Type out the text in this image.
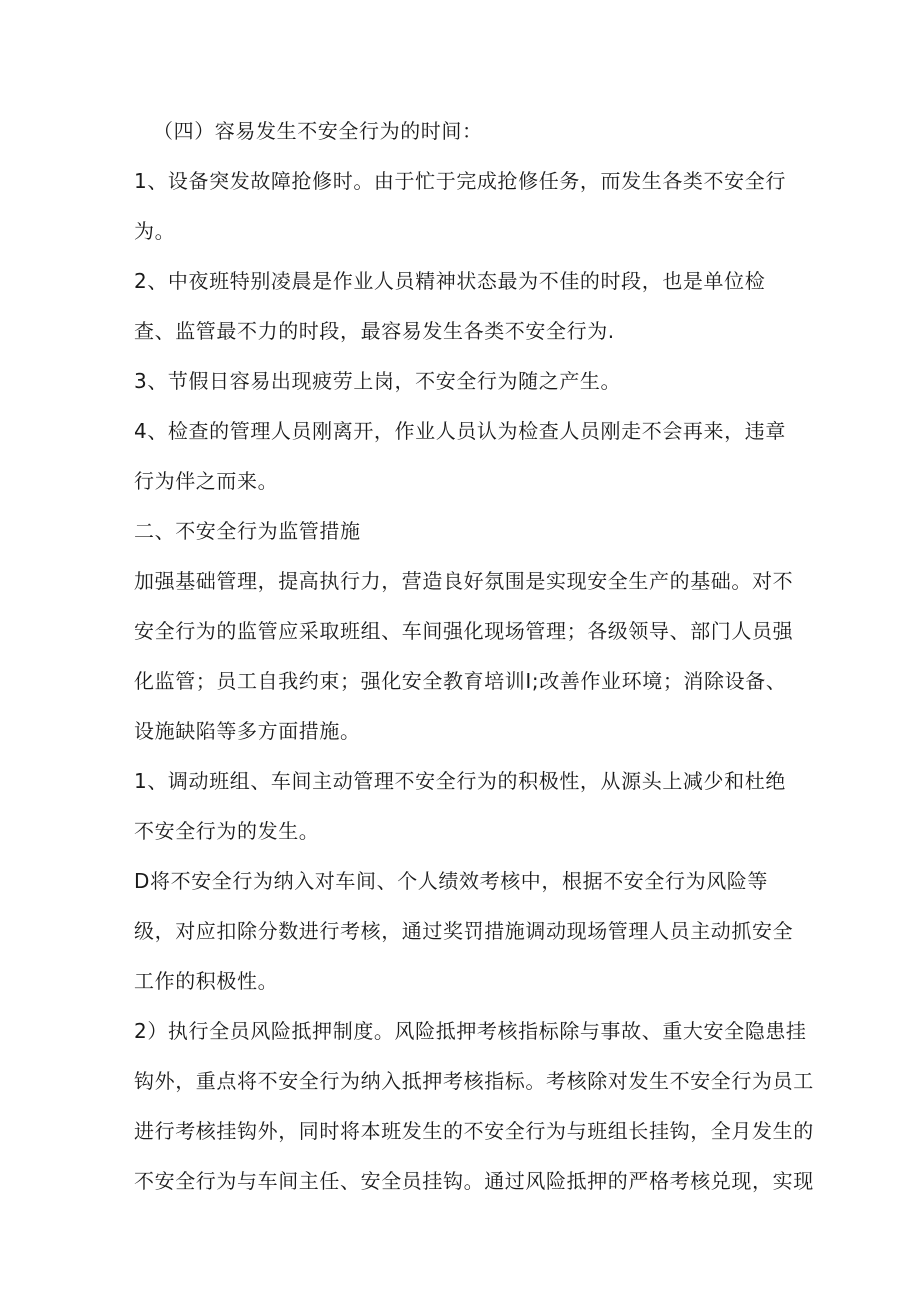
（四）容易发生不安全行为的时间：
1、设备突发故障抢修时。由于忙于完成抢修任务，而发生各类不安全行
为。
2、中夜班特别凌晨是作业人员精神状态最为不佳的时段，也是单位检
查、监管最不力的时段，最容易发生各类不安全行为.
3、节假日容易出现疲劳上岗，不安全行为随之产生。
4、检查的管理人员刚离开，作业人员认为检查人员刚走不会再来，违章
行为伴之而来。
二、不安全行为监管措施
加强基础管理，提高执行力，营造良好氛围是实现安全生产的基础。对不
安全行为的监管应采取班组、车间强化现场管理；各级领导、部门人员强
化监管；员工自我约束；强化安全教育培训I;改善作业环境；消除设备、
设施缺陷等多方面措施。
1、调动班组、车间主动管理不安全行为的积极性，从源头上减少和杜绝
不安全行为的发生。
D将不安全行为纳入对车间、个人绩效考核中，根据不安全行为风险等
级，对应扣除分数进行考核，通过奖罚措施调动现场管理人员主动抓安全
工作的积极性。
2）执行全员风险抵押制度。风险抵押考核指标除与事故、重大安全隐患挂
钩外，重点将不安全行为纳入抵押考核指标。考核除对发生不安全行为员工
进行考核挂钩外，同时将本班发生的不安全行为与班组长挂钩，全月发生的
不安全行为与车间主任、安全员挂钩。通过风险抵押的严格考核兑现，实现
